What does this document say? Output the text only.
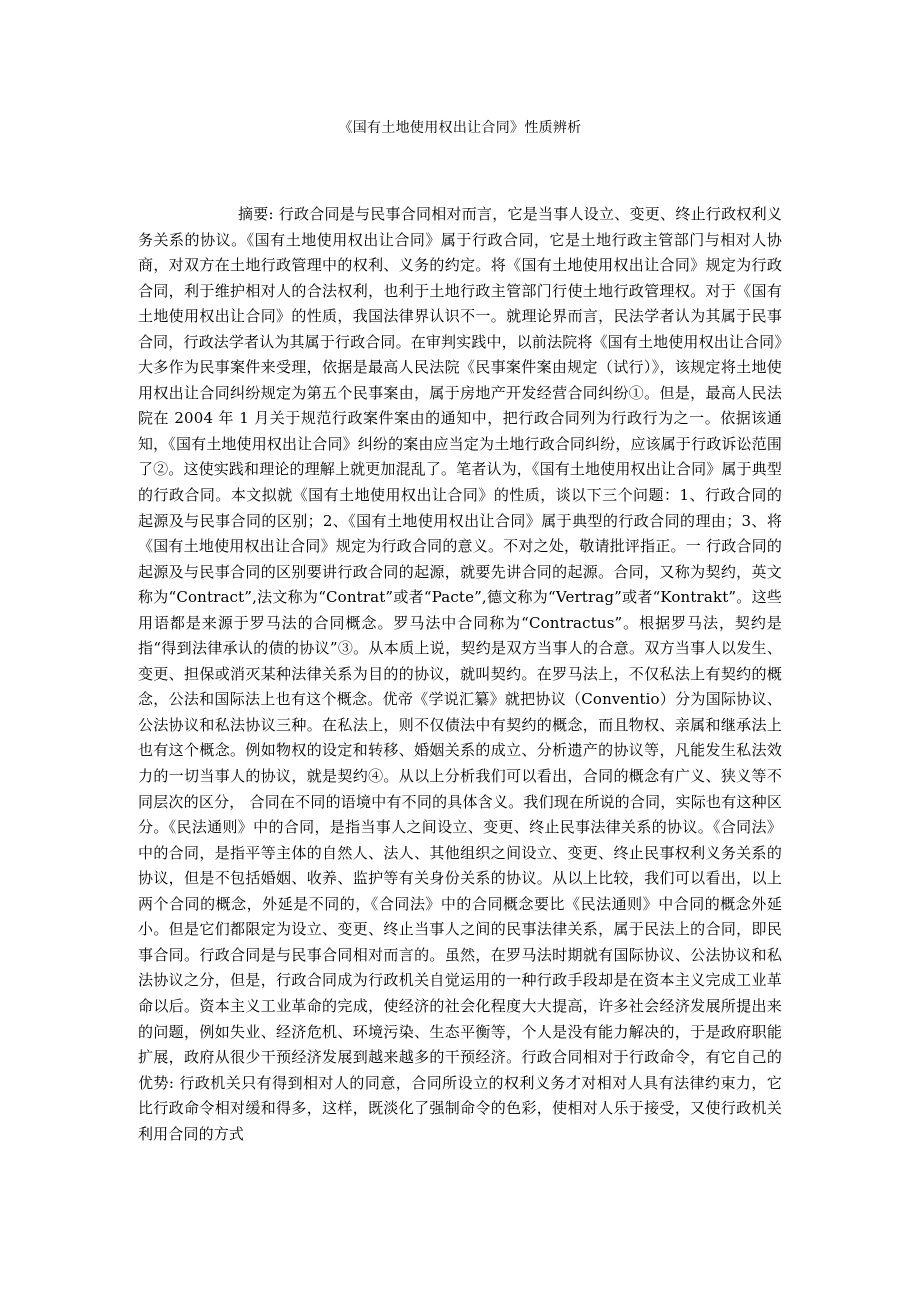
《国有土地使用权出让合同》性质辨析

摘要: 行政合同是与民事合同相对而言，它是当事人设立、变更、终止行政权利义务关系的协议。《国有土地使用权出让合同》属于行政合同，它是土地行政主管部门与相对人协商，对双方在土地行政管理中的权利、义务的约定。将《国有土地使用权出让合同》规定为行政合同，利于维护相对人的合法权利，也利于土地行政主管部门行使土地行政管理权。对于《国有土地使用权出让合同》的性质，我国法律界认识不一。就理论界而言，民法学者认为其属于民事合同，行政法学者认为其属于行政合同。在审判实践中，以前法院将《国有土地使用权出让合同》大多作为民事案件来受理，依据是最高人民法院《民事案件案由规定（试行）》，该规定将土地使用权出让合同纠纷规定为第五个民事案由，属于房地产开发经营合同纠纷①。但是，最高人民法院在 2004 年 1 月关于规范行政案件案由的通知中，把行政合同列为行政行为之一。依据该通知，《国有土地使用权出让合同》纠纷的案由应当定为土地行政合同纠纷，应该属于行政诉讼范围了②。这使实践和理论的理解上就更加混乱了。笔者认为，《国有土地使用权出让合同》属于典型的行政合同。本文拟就《国有土地使用权出让合同》的性质，谈以下三个问题：1、行政合同的起源及与民事合同的区别；2、《国有土地使用权出让合同》属于典型的行政合同的理由；3、将《国有土地使用权出让合同》规定为行政合同的意义。不对之处，敬请批评指正。一 行政合同的起源及与民事合同的区别要讲行政合同的起源，就要先讲合同的起源。合同，又称为契约，英文称为“Contract”,法文称为“Contrat”或者“Pacte”,德文称为“Vertrag”或者“Kontrakt”。这些用语都是来源于罗马法的合同概念。罗马法中合同称为“Contractus”。根据罗马法，契约是指“得到法律承认的债的协议”③。从本质上说，契约是双方当事人的合意。双方当事人以发生、变更、担保或消灭某种法律关系为目的的协议，就叫契约。在罗马法上，不仅私法上有契约的概念，公法和国际法上也有这个概念。优帝《学说汇纂》就把协议（Conventio）分为国际协议、公法协议和私法协议三种。在私法上，则不仅债法中有契约的概念，而且物权、亲属和继承法上也有这个概念。例如物权的设定和转移、婚姻关系的成立、分析遗产的协议等，凡能发生私法效力的一切当事人的协议，就是契约④。从以上分析我们可以看出，合同的概念有广义、狭义等不同层次的区分， 合同在不同的语境中有不同的具体含义。我们现在所说的合同，实际也有这种区分。《民法通则》中的合同，是指当事人之间设立、变更、终止民事法律关系的协议。《合同法》中的合同，是指平等主体的自然人、法人、其他组织之间设立、变更、终止民事权利义务关系的协议，但是不包括婚姻、收养、监护等有关身份关系的协议。从以上比较，我们可以看出，以上两个合同的概念，外延是不同的，《合同法》中的合同概念要比《民法通则》中合同的概念外延小。但是它们都限定为设立、变更、终止当事人之间的民事法律关系，属于民法上的合同，即民事合同。行政合同是与民事合同相对而言的。虽然，在罗马法时期就有国际协议、公法协议和私法协议之分，但是，行政合同成为行政机关自觉运用的一种行政手段却是在资本主义完成工业革命以后。资本主义工业革命的完成，使经济的社会化程度大大提高，许多社会经济发展所提出来的问题，例如失业、经济危机、环境污染、生态平衡等，个人是没有能力解决的，于是政府职能扩展，政府从很少干预经济发展到越来越多的干预经济。行政合同相对于行政命令，有它自己的优势: 行政机关只有得到相对人的同意，合同所设立的权利义务才对相对人具有法律约束力，它比行政命令相对缓和得多，这样，既淡化了强制命令的色彩，使相对人乐于接受，又使行政机关利用合同的方式
